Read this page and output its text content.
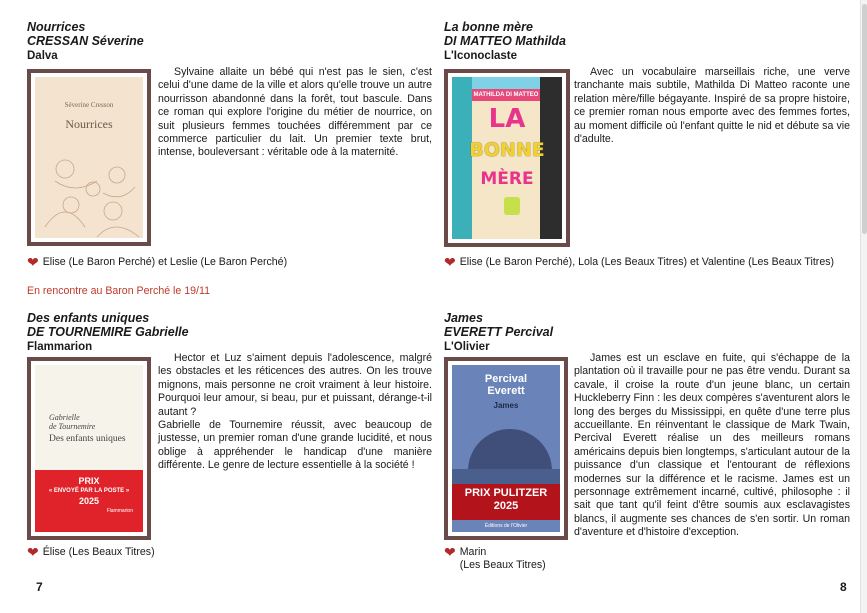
Nourrices
CRESSAN Séverine
Dalva
Séverine Cresson
Nourrices

Sylvaine allaite un bébé qui n'est pas le sien, c'est celui d'une dame de la ville et alors qu'elle trouve un autre nourrisson abandonné dans la forêt, tout bascule. Dans ce roman qui explore l'origine du métier de nourrice, on suit plusieurs femmes touchées différemment par ce commerce particulier du lait. Un premier texte brut, intense, bouleversant : véritable ode à la maternité.

❤ Elise (Le Baron Perché) et Leslie (Le Baron Perché)
En rencontre au Baron Perché le 19/11
La bonne mère
DI MATTEO Mathilda
L'Iconoclaste
MATHILDA DI MATTEO
LA
BONNE
MÈRE

Avec un vocabulaire marseillais riche, une verve tranchante mais subtile, Mathilda Di Matteo raconte une relation mère/fille bégayante. Inspiré de sa propre histoire, ce premier roman nous emporte avec des femmes fortes, au moment difficile où l'enfant quitte le nid et débute sa vie d'adulte.

❤ Elise (Le Baron Perché), Lola (Les Beaux Titres) et Valentine (Les Beaux Titres)
Des enfants uniques
DE TOURNEMIRE Gabrielle
Flammarion
Gabrielle
de Tournemire
Des enfants uniques
PRIX
« ENVOYÉ PAR LA POSTE »
2025
Flammarion

Hector et Luz s'aiment depuis l'adolescence, malgré les obstacles et les réticences des autres. On les trouve mignons, mais personne ne croit vraiment à leur histoire. Pourquoi leur amour, si beau, pur et puissant, dérange-t-il autant ?

Gabrielle de Tournemire réussit, avec beaucoup de justesse, un premier roman d'une grande lucidité, et nous oblige à appréhender le handicap d'une manière différente. Le genre de lecture essentielle à la société !

❤ Élise (Les Beaux Titres)
James
EVERETT Percival
L'Olivier
Percival
Everett
James
PRIX PULITZER
2025
Éditions de l'Olivier

James est un esclave en fuite, qui s'échappe de la plantation où il travaille pour ne pas être vendu. Durant sa cavale, il croise la route d'un jeune blanc, un certain Huckleberry Finn : les deux compères s'aventurent alors le long des berges du Mississippi, en quête d'une terre plus accueillante. En réinventant le classique de Mark Twain, Percival Everett réalise un des meilleurs romans américains depuis bien longtemps, s'articulant autour de la puissance d'un classique et l'entourant de réflexions modernes sur la différence et le racisme. James est un personnage extrêmement incarné, cultivé, philosophe : il sait que tant qu'il feint d'être soumis aux esclavagistes blancs, il augmente ses chances de s'en sortir. Un roman d'aventure et d'histoire d'exception.

❤ Marin
(Les Beaux Titres)
7	8
